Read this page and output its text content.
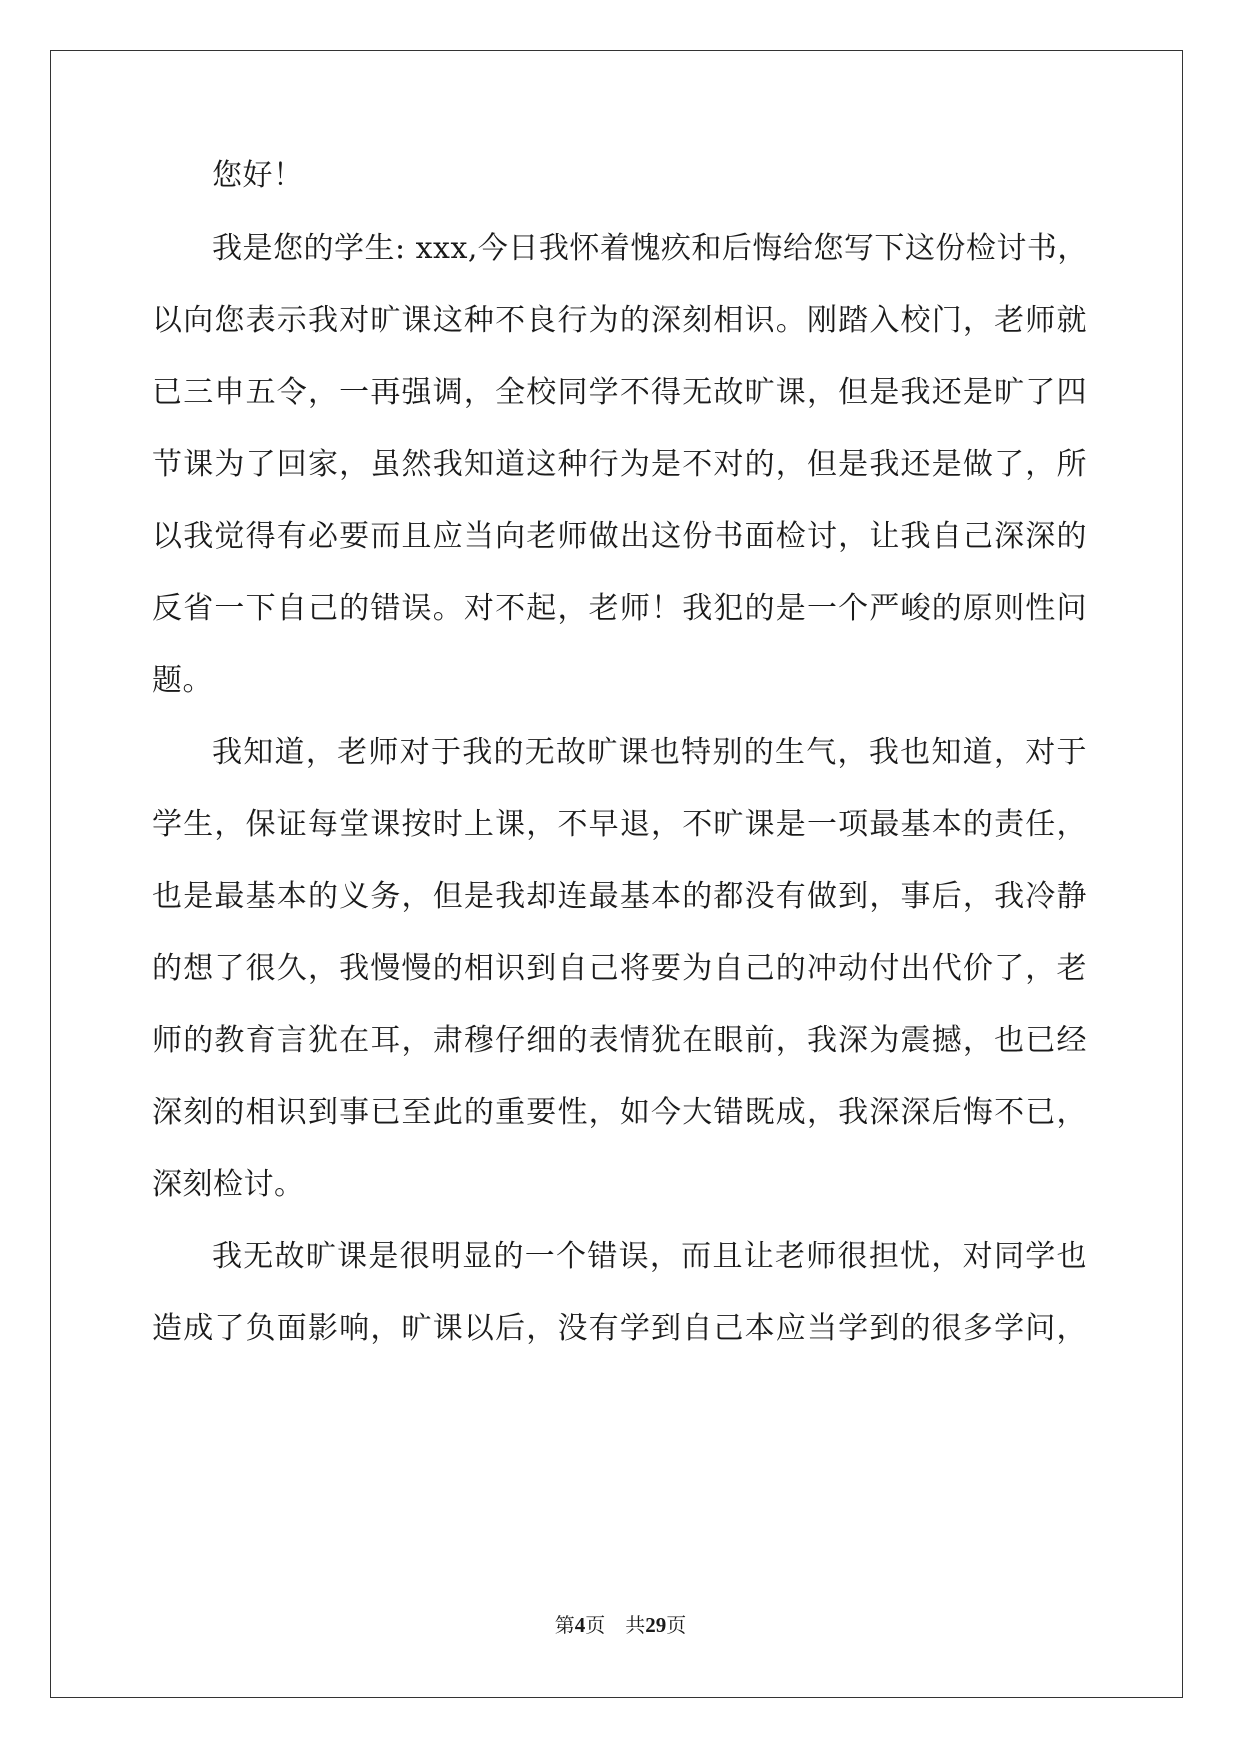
您好！
我是您的学生: xxx,今日我怀着愧疚和后悔给您写下这份检讨书，
以向您表示我对旷课这种不良行为的深刻相识。刚踏入校门，老师就
已三申五令，一再强调，全校同学不得无故旷课，但是我还是旷了四
节课为了回家，虽然我知道这种行为是不对的，但是我还是做了，所
以我觉得有必要而且应当向老师做出这份书面检讨，让我自己深深的
反省一下自己的错误。对不起，老师！我犯的是一个严峻的原则性问
题。
我知道，老师对于我的无故旷课也特别的生气，我也知道，对于
学生，保证每堂课按时上课，不早退，不旷课是一项最基本的责任，
也是最基本的义务，但是我却连最基本的都没有做到，事后，我冷静
的想了很久，我慢慢的相识到自己将要为自己的冲动付出代价了，老
师的教育言犹在耳，肃穆仔细的表情犹在眼前，我深为震撼，也已经
深刻的相识到事已至此的重要性，如今大错既成，我深深后悔不已，
深刻检讨。
我无故旷课是很明显的一个错误，而且让老师很担忧，对同学也
造成了负面影响，旷课以后，没有学到自己本应当学到的很多学问，
第4页　共29页
